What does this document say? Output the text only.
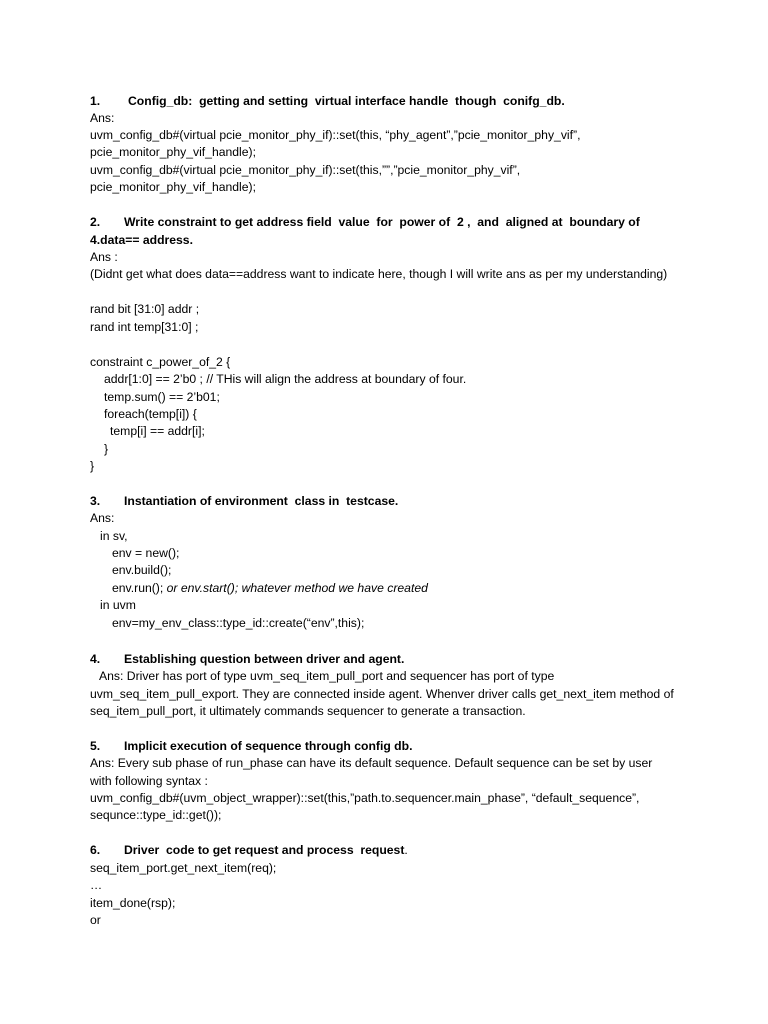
1. Config_db:  getting and setting  virtual interface handle  though  conifg_db.
Ans:
uvm_config_db#(virtual pcie_monitor_phy_if)::set(this, “phy_agent”,”pcie_monitor_phy_vif”,
pcie_monitor_phy_vif_handle);
uvm_config_db#(virtual pcie_monitor_phy_if)::set(this,””,”pcie_monitor_phy_vif”,
pcie_monitor_phy_vif_handle);
2. Write constraint to get address field  value  for  power of  2 ,  and  aligned at  boundary of
4.data== address.
Ans :
(Didnt get what does data==address want to indicate here, though I will write ans as per my understanding)
rand bit [31:0] addr ;
rand int temp[31:0] ;
constraint c_power_of_2 {
addr[1:0] == 2’b0 ; // THis will align the address at boundary of four.
temp.sum() == 2’b01;
foreach(temp[i]) {
temp[i] == addr[i];
}
}
3. Instantiation of environment  class in  testcase.
Ans:
in sv,
env = new();
env.build();
env.run(); or env.start(); whatever method we have created
in uvm
env=my_env_class::type_id::create(“env”,this);
4. Establishing question between driver and agent.
Ans: Driver has port of type uvm_seq_item_pull_port and sequencer has port of type
uvm_seq_item_pull_export. They are connected inside agent. Whenver driver calls get_next_item method of
seq_item_pull_port, it ultimately commands sequencer to generate a transaction.
5. Implicit execution of sequence through config db.
Ans: Every sub phase of run_phase can have its default sequence. Default sequence can be set by user
with following syntax :
uvm_config_db#(uvm_object_wrapper)::set(this,”path.to.sequencer.main_phase”, “default_sequence”,
sequnce::type_id::get());
6. Driver  code to get request and process  request.
seq_item_port.get_next_item(req);
…
item_done(rsp);
or
